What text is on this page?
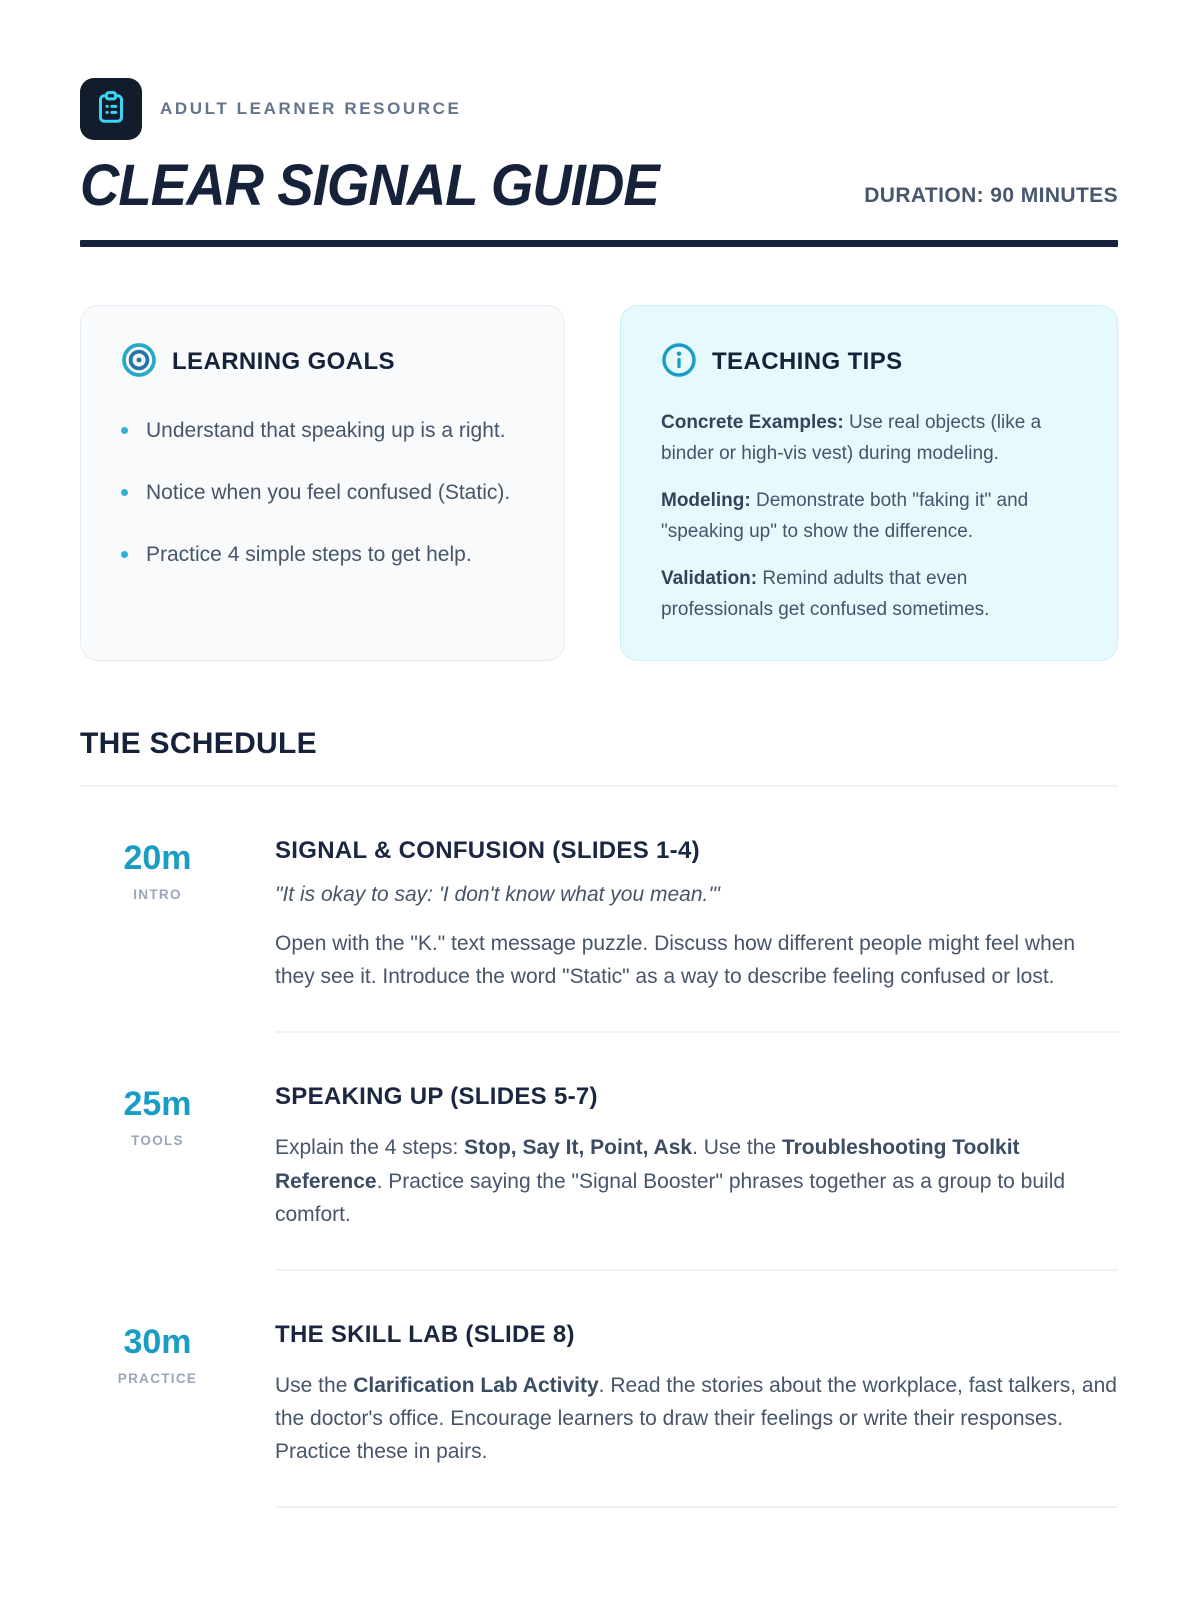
ADULT LEARNER RESOURCE
CLEAR SIGNAL GUIDE	DURATION: 90 MINUTES
LEARNING GOALS
Understand that speaking up is a right.
Notice when you feel confused (Static).
Practice 4 simple steps to get help.
TEACHING TIPS

Concrete Examples: Use real objects (like a binder or high-vis vest) during modeling.

Modeling: Demonstrate both "faking it" and "speaking up" to show the difference.

Validation: Remind adults that even professionals get confused sometimes.

THE SCHEDULE
20m
INTRO
SIGNAL & CONFUSION (SLIDES 1-4)
"It is okay to say: 'I don't know what you mean.'"
Open with the "K." text message puzzle. Discuss how different people might feel when they see it. Introduce the word "Static" as a way to describe feeling confused or lost.
25m
TOOLS
SPEAKING UP (SLIDES 5-7)
Explain the 4 steps: Stop, Say It, Point, Ask. Use the Troubleshooting Toolkit Reference. Practice saying the "Signal Booster" phrases together as a group to build comfort.
30m
PRACTICE
THE SKILL LAB (SLIDE 8)
Use the Clarification Lab Activity. Read the stories about the workplace, fast talkers, and the doctor's office. Encourage learners to draw their feelings or write their responses. Practice these in pairs.
